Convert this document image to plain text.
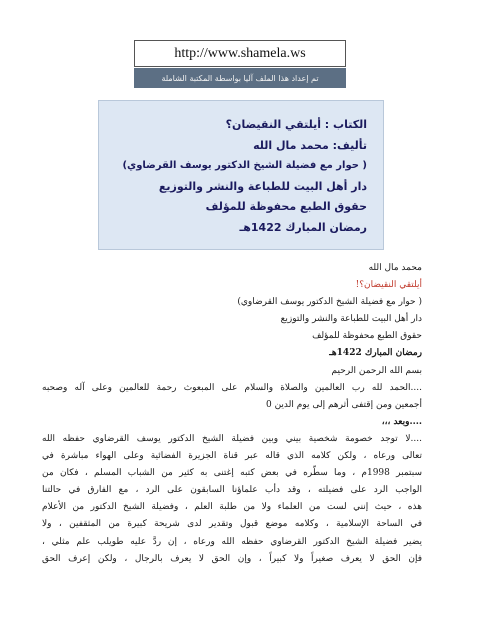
http://www.shamela.ws
تم إعداد هذا الملف آليا بواسطة المكتبة الشاملة
الكتاب : أيلتقي النقيضان؟
تأليف: محمد مال الله
( حوار مع فضيلة الشيخ الدكتور يوسف القرضاوي)
دار أهل البيت للطباعة والنشر والتوزيع
حقوق الطبع محفوظة للمؤلف
رمضان المبارك 1422هـ
محمد مال الله
أيلتقي النقيضان؟!
( حوار مع فضيلة الشيخ الدكتور يوسف القرضاوي)
دار أهل البيت للطباعة والنشر والتوزيع
حقوق الطبع محفوظة للمؤلف
رمضان المبارك 1422هـ
بسم الله الرحمن الرحيم
....الحمد لله رب العالمين والصلاة والسلام على المبعوث رحمة للعالمين وعلى آله وصحبه
أجمعين ومن إقتفى أثرهم إلى يوم الدين 0
....وبعد ،،،
....لا توجد خصومة شخصية بيني وبين فضيلة الشيخ الدكتور يوسف القرضاوي حفظه الله
تعالى ورعاه ، ولكن كلامه الذي قاله عبر قناة الجزيرة الفضائية وعلى الهواء مباشرة في
سبتمبر 1998م ، وما سطَّره في بعض كتبه إغتنى به كثير من الشباب المسلم ، فكان من
الواجب الرد على فضيلته ، وقد دأب علماؤنا السابقون على الرد ، مع الفارق في حالتنا
هذه ، حيث إنني لست من العلماء ولا من طلبة العلم ، وفضيلة الشيخ الدكتور من الأعلام
في الساحة الإسلامية ، وكلامه موضع قبول وتقدير لدى شريحة كبيرة من المثقفين ، ولا
يضير فضيلة الشيخ الدكتور القرضاوي حفظه الله ورعاه ، إن ردَّ عليه طويلب علم مثلي ،
فإن الحق لا يعرف صغيراً ولا كبيراً ، وإن الحق لا يعرف بالرجال ، ولكن إعرف الحق
